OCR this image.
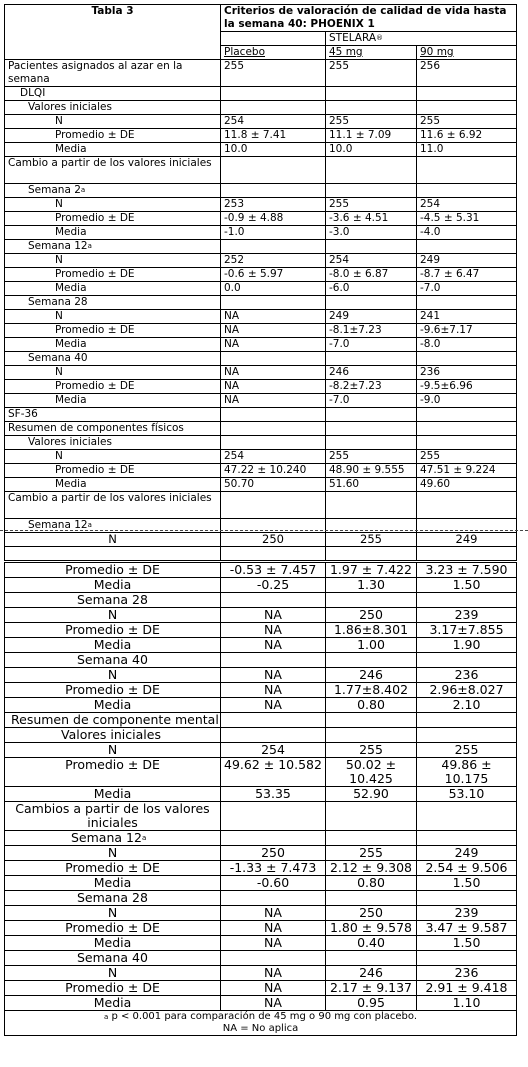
Tabla 3	Criterios de valoración de calidad de vida hasta la semana 40: PHOENIX 1		
		STELARA®
	Placebo	45 mg	90 mg
Pacientes asignados al azar en la semana	255	255	256
DLQI			
Valores iniciales			
N	254	255	255
Promedio ± DE	11.8 ± 7.41	11.1 ± 7.09	11.6 ± 6.92
Media	10.0	10.0	11.0
Cambio a partir de los valores iniciales			
Semana 2$^a$			
N	253	255	254
Promedio ± DE	-0.9 ± 4.88	-3.6 ± 4.51	-4.5 ± 5.31
Media	-1.0	-3.0	-4.0
Semana 12$^a$			
N	252	254	249
Promedio ± DE	-0.6 ± 5.97	-8.0 ± 6.87	-8.7 ± 6.47
Media	0.0	-6.0	-7.0
Semana 28			
N	NA	249	241
Promedio ± DE	NA	-8.1±7.23	-9.6±7.17
Media	NA	-7.0	-8.0
Semana 40			
N	NA	246	236
Promedio ± DE	NA	-8.2±7.23	-9.5±6.96
Media	NA	-7.0	-9.0
SF-36			
Resumen de componentes físicos			
Valores iniciales			
N	254	255	255
Promedio ± DE	47.22 ± 10.240	48.90 ± 9.555	47.51 ± 9.224
Media	50.70	51.60	49.60
Cambio a partir de los valores iniciales			
Semana 12$^a$			
N	250	255	249

Promedio ± DE	-0.53 ± 7.457	1.97 ± 7.422	3.23 ± 7.590
Media	-0.25	1.30	1.50
Semana 28			
N	NA	250	239
Promedio ± DE	NA	1.86±8.301	3.17±7.855
Media	NA	1.00	1.90
Semana 40			
N	NA	246	236
Promedio ± DE	NA	1.77±8.402	2.96±8.027
Media	NA	0.80	2.10
Resumen de componente mental			
Valores iniciales			
N	254	255	255
Promedio ± DE	49.62 ± 10.582	50.02 ± 10.425	49.86 ± 10.175
Media	53.35	52.90	53.10
Cambios a partir de los valores iniciales			
Semana 12$^a$			
N	250	255	249
Promedio ± DE	-1.33 ± 7.473	2.12 ± 9.308	2.54 ± 9.506
Media	-0.60	0.80	1.50
Semana 28			
N	NA	250	239
Promedio ± DE	NA	1.80 ± 9.578	3.47 ± 9.587
Media	NA	0.40	1.50
Semana 40			
N	NA	246	236
Promedio ± DE	NA	2.17 ± 9.137	2.91 ± 9.418
Media	NA	0.95	1.10

$^a$ p < 0.001 para comparación de 45 mg o 90 mg con placebo.
NA = No aplica			
